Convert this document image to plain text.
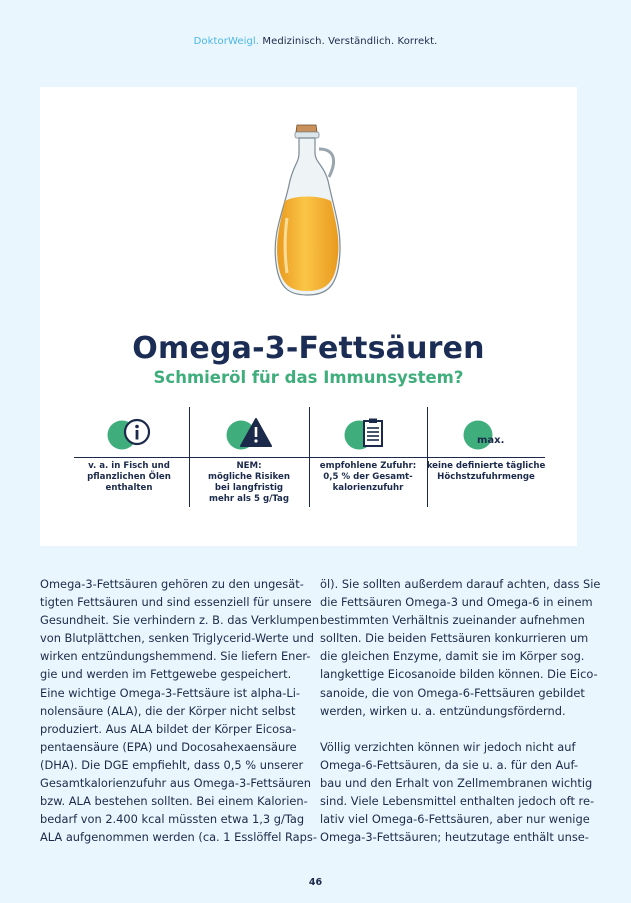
DoktorWeigl. Medizinisch. Verständlich. Korrekt.
Omega-3-Fettsäuren
Schmieröl für das Immunsystem?
max.
v. a. in Fisch und
pflanzlichen Ölen
enthalten
NEM:
mögliche Risiken
bei langfristig
mehr als 5 g/Tag
empfohlene Zufuhr:
0,5 % der Gesamt-
kalorienzufuhr
keine definierte tägliche
Höchstzufuhrmenge

Omega-3-Fettsäuren gehören zu den ungesät-
tigten Fettsäuren und sind essenziell für unsere
Gesundheit. Sie verhindern z. B. das Verklumpen
von Blutplättchen, senken Triglycerid-Werte und
wirken entzündungshemmend. Sie liefern Ener-
gie und werden im Fettgewebe gespeichert.
Eine wichtige Omega-3-Fettsäure ist alpha-Li-
nolensäure (ALA), die der Körper nicht selbst
produziert. Aus ALA bildet der Körper Eicosa-
pentaensäure (EPA) und Docosahexaensäure
(DHA). Die DGE empfiehlt, dass 0,5 % unserer
Gesamtkalorienzufuhr aus Omega-3-Fettsäuren
bzw. ALA bestehen sollten. Bei einem Kalorien-
bedarf von 2.400 kcal müssten etwa 1,3 g/Tag
ALA aufgenommen werden (ca. 1 Esslöffel Raps-

öl). Sie sollten außerdem darauf achten, dass Sie
die Fettsäuren Omega-3 und Omega-6 in einem
bestimmten Verhältnis zueinander aufnehmen
sollten. Die beiden Fettsäuren konkurrieren um
die gleichen Enzyme, damit sie im Körper sog.
langkettige Eicosanoide bilden können. Die Eico-
sanoide, die von Omega-6-Fettsäuren gebildet
werden, wirken u. a. entzündungsfördernd.

Völlig verzichten können wir jedoch nicht auf
Omega-6-Fettsäuren, da sie u. a. für den Auf-
bau und den Erhalt von Zellmembranen wichtig
sind. Viele Lebensmittel enthalten jedoch oft re-
lativ viel Omega-6-Fettsäuren, aber nur wenige
Omega-3-Fettsäuren; heutzutage enthält unse-

46
